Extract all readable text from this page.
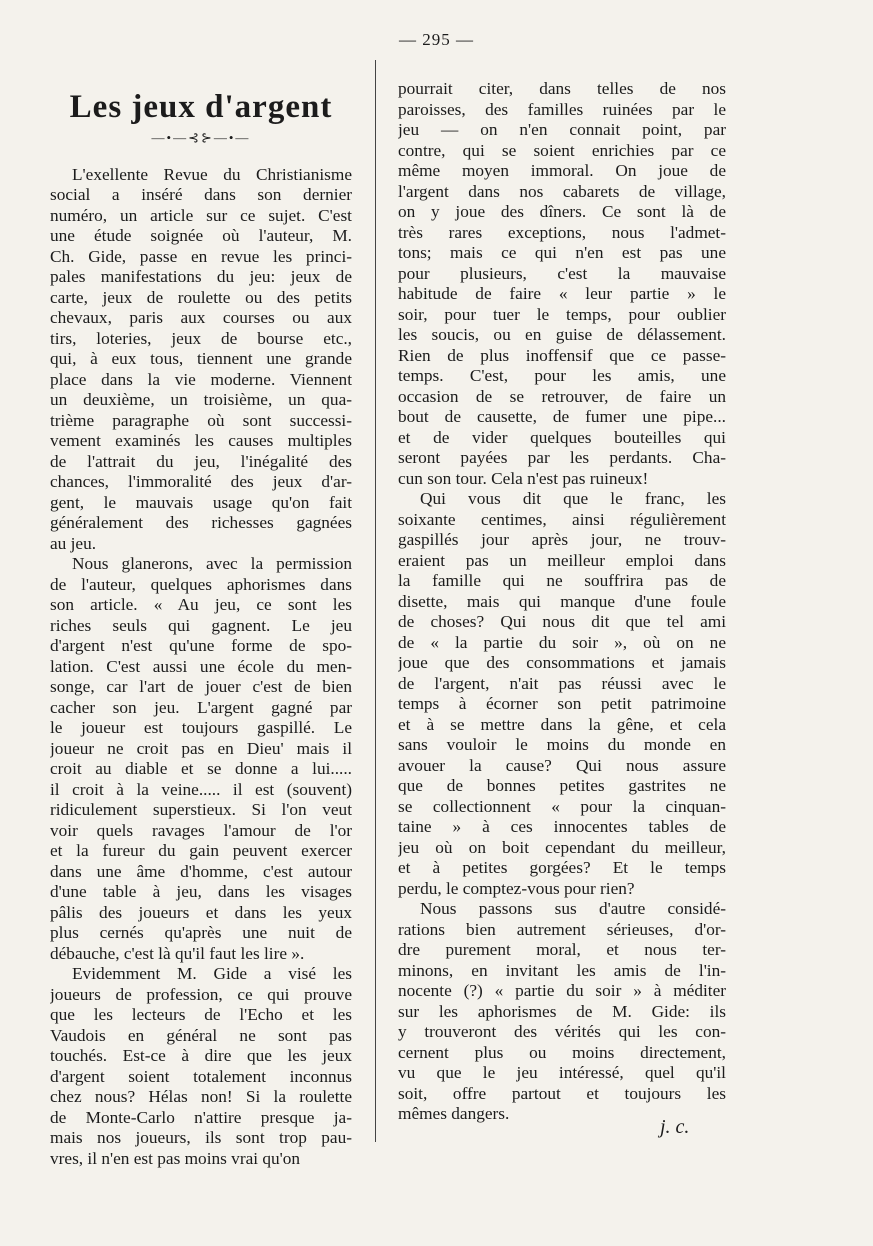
— 295 —
Les jeux d'argent
—•—⊰⊱—•—
L'exellente Revue du Christianisme
social a inséré dans son dernier
numéro, un article sur ce sujet. C'est
une étude soignée où l'auteur, M.
Ch. Gide, passe en revue les princi-
pales manifestations du jeu: jeux de
carte, jeux de roulette ou des petits
chevaux, paris aux courses ou aux
tirs, loteries, jeux de bourse etc.,
qui, à eux tous, tiennent une grande
place dans la vie moderne. Viennent
un deuxième, un troisième, un qua-
trième paragraphe où sont successi-
vement examinés les causes multiples
de l'attrait du jeu, l'inégalité des
chances, l'immoralité des jeux d'ar-
gent, le mauvais usage qu'on fait
généralement des richesses gagnées
au jeu.
Nous glanerons, avec la permission
de l'auteur, quelques aphorismes dans
son article. « Au jeu, ce sont les
riches seuls qui gagnent. Le jeu
d'argent n'est qu'une forme de spo-
lation. C'est aussi une école du men-
songe, car l'art de jouer c'est de bien
cacher son jeu. L'argent gagné par
le joueur est toujours gaspillé. Le
joueur ne croit pas en Dieu' mais il
croit au diable et se donne a lui.....
il croit à la veine..... il est (souvent)
ridiculement superstieux. Si l'on veut
voir quels ravages l'amour de l'or
et la fureur du gain peuvent exercer
dans une âme d'homme, c'est autour
d'une table à jeu, dans les visages
pâlis des joueurs et dans les yeux
plus cernés qu'après une nuit de
débauche, c'est là qu'il faut les lire ».
Evidemment M. Gide a visé les
joueurs de profession, ce qui prouve
que les lecteurs de l'Echo et les
Vaudois en général ne sont pas
touchés. Est-ce à dire que les jeux
d'argent soient totalement inconnus
chez nous? Hélas non! Si la roulette
de Monte-Carlo n'attire presque ja-
mais nos joueurs, ils sont trop pau-
vres, il n'en est pas moins vrai qu'on
pourrait citer, dans telles de nos
paroisses, des familles ruinées par le
jeu — on n'en connait point, par
contre, qui se soient enrichies par ce
même moyen immoral. On joue de
l'argent dans nos cabarets de village,
on y joue des dîners. Ce sont là de
très rares exceptions, nous l'admet-
tons; mais ce qui n'en est pas une
pour plusieurs, c'est la mauvaise
habitude de faire « leur partie » le
soir, pour tuer le temps, pour oublier
les soucis, ou en guise de délassement.
Rien de plus inoffensif que ce passe-
temps. C'est, pour les amis, une
occasion de se retrouver, de faire un
bout de causette, de fumer une pipe...
et de vider quelques bouteilles qui
seront payées par les perdants. Cha-
cun son tour. Cela n'est pas ruineux!
Qui vous dit que le franc, les
soixante centimes, ainsi régulièrement
gaspillés jour après jour, ne trouv-
eraient pas un meilleur emploi dans
la famille qui ne souffrira pas de
disette, mais qui manque d'une foule
de choses? Qui nous dit que tel ami
de « la partie du soir », où on ne
joue que des consommations et jamais
de l'argent, n'ait pas réussi avec le
temps à écorner son petit patrimoine
et à se mettre dans la gêne, et cela
sans vouloir le moins du monde en
avouer la cause? Qui nous assure
que de bonnes petites gastrites ne
se collectionnent « pour la cinquan-
taine » à ces innocentes tables de
jeu où on boit cependant du meilleur,
et à petites gorgées? Et le temps
perdu, le comptez-vous pour rien?
Nous passons sus d'autre considé-
rations bien autrement sérieuses, d'or-
dre purement moral, et nous ter-
minons, en invitant les amis de l'in-
nocente (?) « partie du soir » à méditer
sur les aphorismes de M. Gide: ils
y trouveront des vérités qui les con-
cernent plus ou moins directement,
vu que le jeu intéressé, quel qu'il
soit, offre partout et toujours les
mêmes dangers.
j. c.
